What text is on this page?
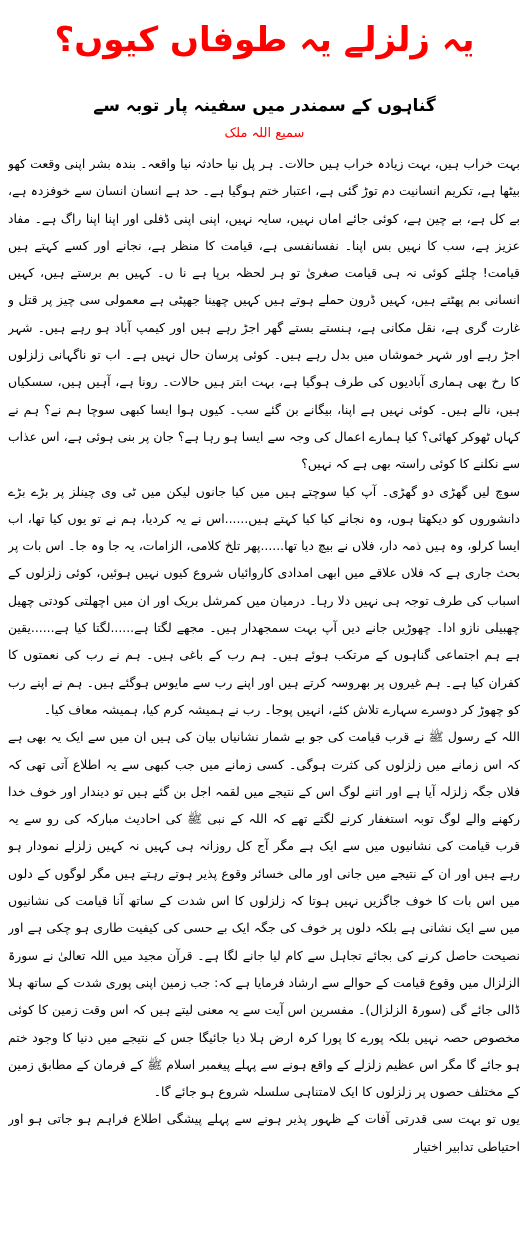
یہ زلزلے یہ طوفاں کیوں؟
گناہوں کے سمندر میں سفینہ پار توبہ سے
سمیع اللہ ملک

بہت خراب ہیں، بہت زیادہ خراب ہیں حالات۔ ہر پل نیا حادثہ نیا واقعہ۔ بندہ بشر اپنی وقعت کھو بیٹھا ہے، تکریم انسانیت دم توڑ گئی ہے، اعتبار ختم ہوگیا ہے۔ حد ہے انسان انسان سے خوفزدہ ہے، بے کل ہے، بے چین ہے، کوئی جائے اماں نہیں، سایہ نہیں، اپنی اپنی ڈفلی اور اپنا اپنا راگ ہے۔ مفاد عزیز ہے، سب کا نہیں بس اپنا۔ نفسانفسی ہے، قیامت کا منظر ہے، نجانے اور کسے کہتے ہیں قیامت! چلئے کوئی نہ ہی قیامت صغریٰ تو ہر لحظہ برپا ہے نا ں۔ کہیں بم برستے ہیں، کہیں انسانی بم پھٹتے ہیں، کہیں ڈرون حملے ہوتے ہیں کہیں چھینا جھپٹی ہے معمولی سی چیز پر قتل و غارت گری ہے، نقل مکانی ہے، ہنستے بستے گھر اجڑ رہے ہیں اور کیمپ آباد ہو رہے ہیں۔ شہر اجڑ رہے اور شہر خموشاں میں بدل رہے ہیں۔ کوئی پرسان حال نہیں ہے۔ اب تو ناگہانی زلزلوں کا رخ بھی ہماری آبادیوں کی طرف ہوگیا ہے، بہت ابتر ہیں حالات۔ رونا ہے، آہیں ہیں، سسکیاں ہیں، نالے ہیں۔ کوئی نہیں ہے اپنا، بیگانے بن گئے سب۔ کیوں ہوا ایسا کبھی سوچا ہم نے؟ ہم نے کہاں ٹھوکر کھائی؟ کیا ہمارے اعمال کی وجہ سے ایسا ہو رہا ہے؟ جان پر بنی ہوئی ہے، اس عذاب سے نکلنے کا کوئی راستہ بھی ہے کہ نہیں؟

سوچ لیں گھڑی دو گھڑی۔ آپ کیا سوچتے ہیں میں کیا جانوں لیکن میں ٹی وی چینلز پر بڑے بڑے دانشوروں کو دیکھتا ہوں، وہ نجانے کیا کیا کہتے ہیں......اس نے یہ کردیا، ہم نے تو یوں کیا تھا، اب ایسا کرلو، وہ ہیں ذمہ دار، فلاں نے بیچ دیا تھا......پھر تلخ کلامی، الزامات، یہ جا وہ جا۔ اس بات پر بحث جاری ہے کہ فلاں علاقے میں ابھی امدادی کاروائیاں شروع کیوں نہیں ہوئیں، کوئی زلزلوں کے اسباب کی طرف توجہ ہی نہیں دلا رہا۔ درمیان میں کمرشل بریک اور ان میں اچھلتی کودتی چھیل چھبیلی نازو ادا۔ چھوڑیں جانے دیں آپ بہت سمجھدار ہیں۔ مجھے لگتا ہے......لگتا کیا ہے......یقین ہے ہم اجتماعی گناہوں کے مرتکب ہوئے ہیں۔ ہم رب کے باغی ہیں۔ ہم نے رب کی نعمتوں کا کفران کیا ہے۔ ہم غیروں پر بھروسہ کرتے ہیں اور اپنے رب سے مایوس ہوگئے ہیں۔ ہم نے اپنے رب کو چھوڑ کر دوسرے سہارے تلاش کئے، انہیں پوجا۔ رب نے ہمیشہ کرم کیا، ہمیشہ معاف کیا۔

اللہ کے رسول ﷺ نے قرب قیامت کی جو بے شمار نشانیاں بیان کی ہیں ان میں سے ایک یہ بھی ہے کہ اس زمانے میں زلزلوں کی کثرت ہوگی۔ کسی زمانے میں جب کبھی سے یہ اطلاع آتی تھی کہ فلاں جگہ زلزلہ آیا ہے اور اتنے لوگ اس کے نتیجے میں لقمہ اجل بن گئے ہیں تو دیندار اور خوف خدا رکھنے والے لوگ توبہ استغفار کرنے لگتے تھے کہ اللہ کے نبی ﷺ کی احادیث مبارکہ کی رو سے یہ قرب قیامت کی نشانیوں میں سے ایک ہے مگر آج کل روزانہ ہی کہیں نہ کہیں زلزلے نمودار ہو رہے ہیں اور ان کے نتیجے میں جانی اور مالی خسائر وقوع پذیر ہوتے رہتے ہیں مگر لوگوں کے دلوں میں اس بات کا خوف جاگزیں نہیں ہوتا کہ زلزلوں کا اس شدت کے ساتھ آنا قیامت کی نشانیوں میں سے ایک نشانی ہے بلکہ دلوں پر خوف کی جگہ ایک بے حسی کی کیفیت طاری ہو چکی ہے اور نصیحت حاصل کرنے کی بجائے تجاہل سے کام لیا جانے لگا ہے۔ قرآن مجید میں اللہ تعالیٰ نے سورۃ الزلزال میں وقوع قیامت کے حوالے سے ارشاد فرمایا ہے کہ: جب زمین اپنی پوری شدت کے ساتھ ہلا ڈالی جائے گی (سورۃ الزلزال)۔ مفسرین اس آیت سے یہ معنی لیتے ہیں کہ اس وقت زمین کا کوئی مخصوص حصہ نہیں بلکہ پورے کا پورا کرہ ارض ہلا دیا جائیگا جس کے نتیجے میں دنیا کا وجود ختم ہو جائے گا مگر اس عظیم زلزلے کے واقع ہونے سے پہلے پیغمبر اسلام ﷺ کے فرمان کے مطابق زمین کے مختلف حصوں پر زلزلوں کا ایک لامتناہی سلسلہ شروع ہو جائے گا۔

یوں تو بہت سی قدرتی آفات کے ظہور پذیر ہونے سے پہلے پیشگی اطلاع فراہم ہو جاتی ہو اور احتیاطی تدابیر اختیار
